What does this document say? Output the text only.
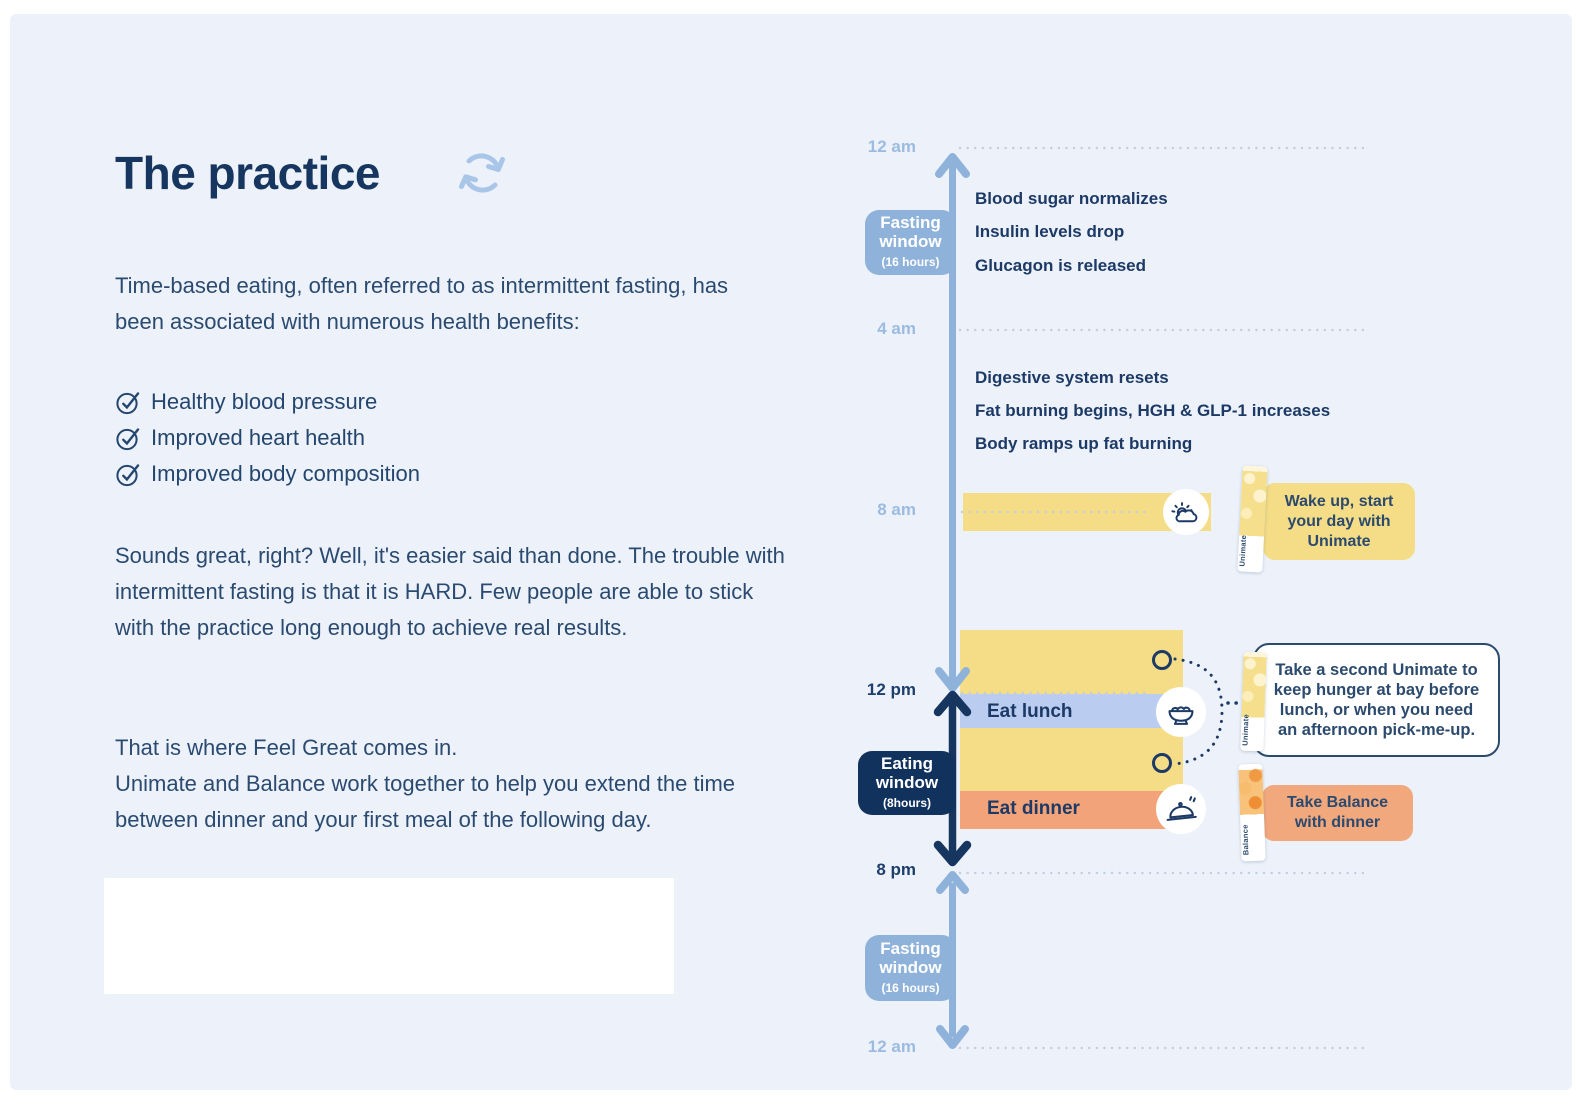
The practice
Time-based eating, often referred to as intermittent fasting, has been associated with numerous health benefits:
Healthy blood pressure
Improved heart health
Improved body composition
Sounds great, right? Well, it's easier said than done. The trouble with intermittent fasting is that it is HARD. Few people are able to stick with the practice long enough to achieve real results.
That is where Feel Great comes in.
Unimate and Balance work together to help you extend the time between dinner and your first meal of the following day.
12 am
4 am
8 am
12 pm
8 pm
12 am
Fasting
window
(16 hours)
Eating
window
(8hours)
Fasting
window
(16 hours)
Blood sugar normalizes
Insulin levels drop
Glucagon is released
Digestive system resets
Fat burning begins, HGH & GLP-1 increases
Body ramps up fat burning
Eat lunch
Eat dinner
Wake up, start your day with Unimate
Take a second Unimate to keep hunger at bay before lunch, or when you need an afternoon pick-me-up.
Take Balance with dinner
Unimate
Unimate
Balance
